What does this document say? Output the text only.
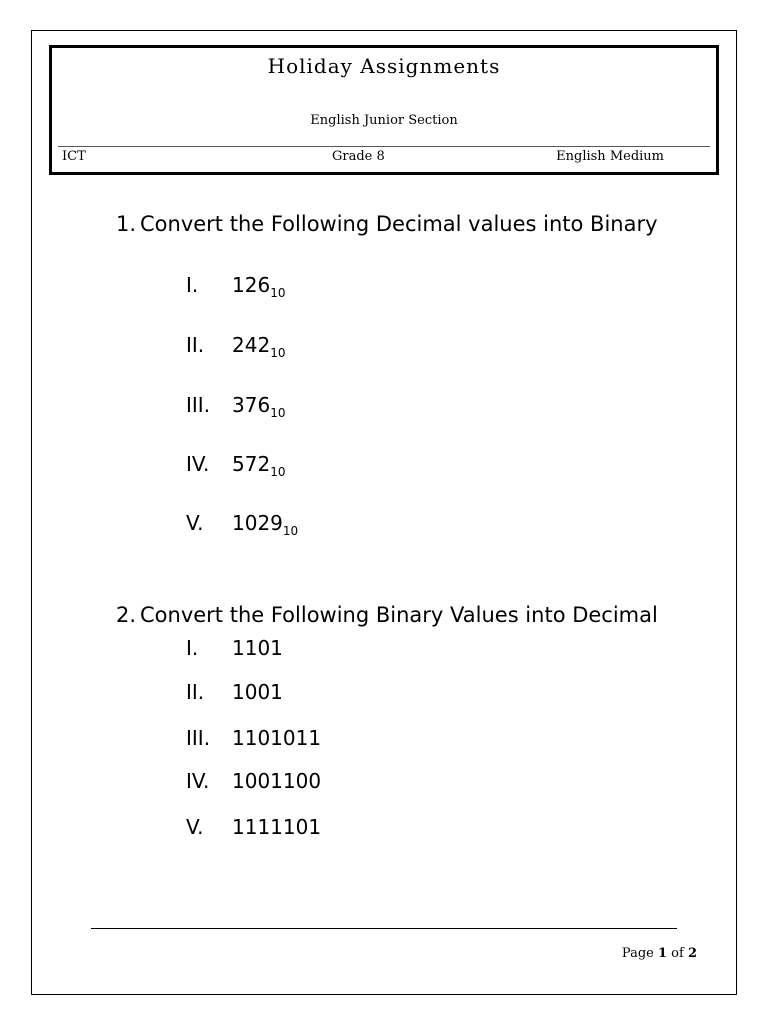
Holiday Assignments
English Junior Section
ICT	Grade 8	English Medium
1. Convert the Following Decimal values into Binary
I. $126_{10}$
II. $242_{10}$
III. $376_{10}$
IV. $572_{10}$
V. $1029_{10}$
2. Convert the Following Binary Values into Decimal
I. 1101
II. 1001
III. 1101011
IV. 1001100
V. 1111101
Page 1 of 2
